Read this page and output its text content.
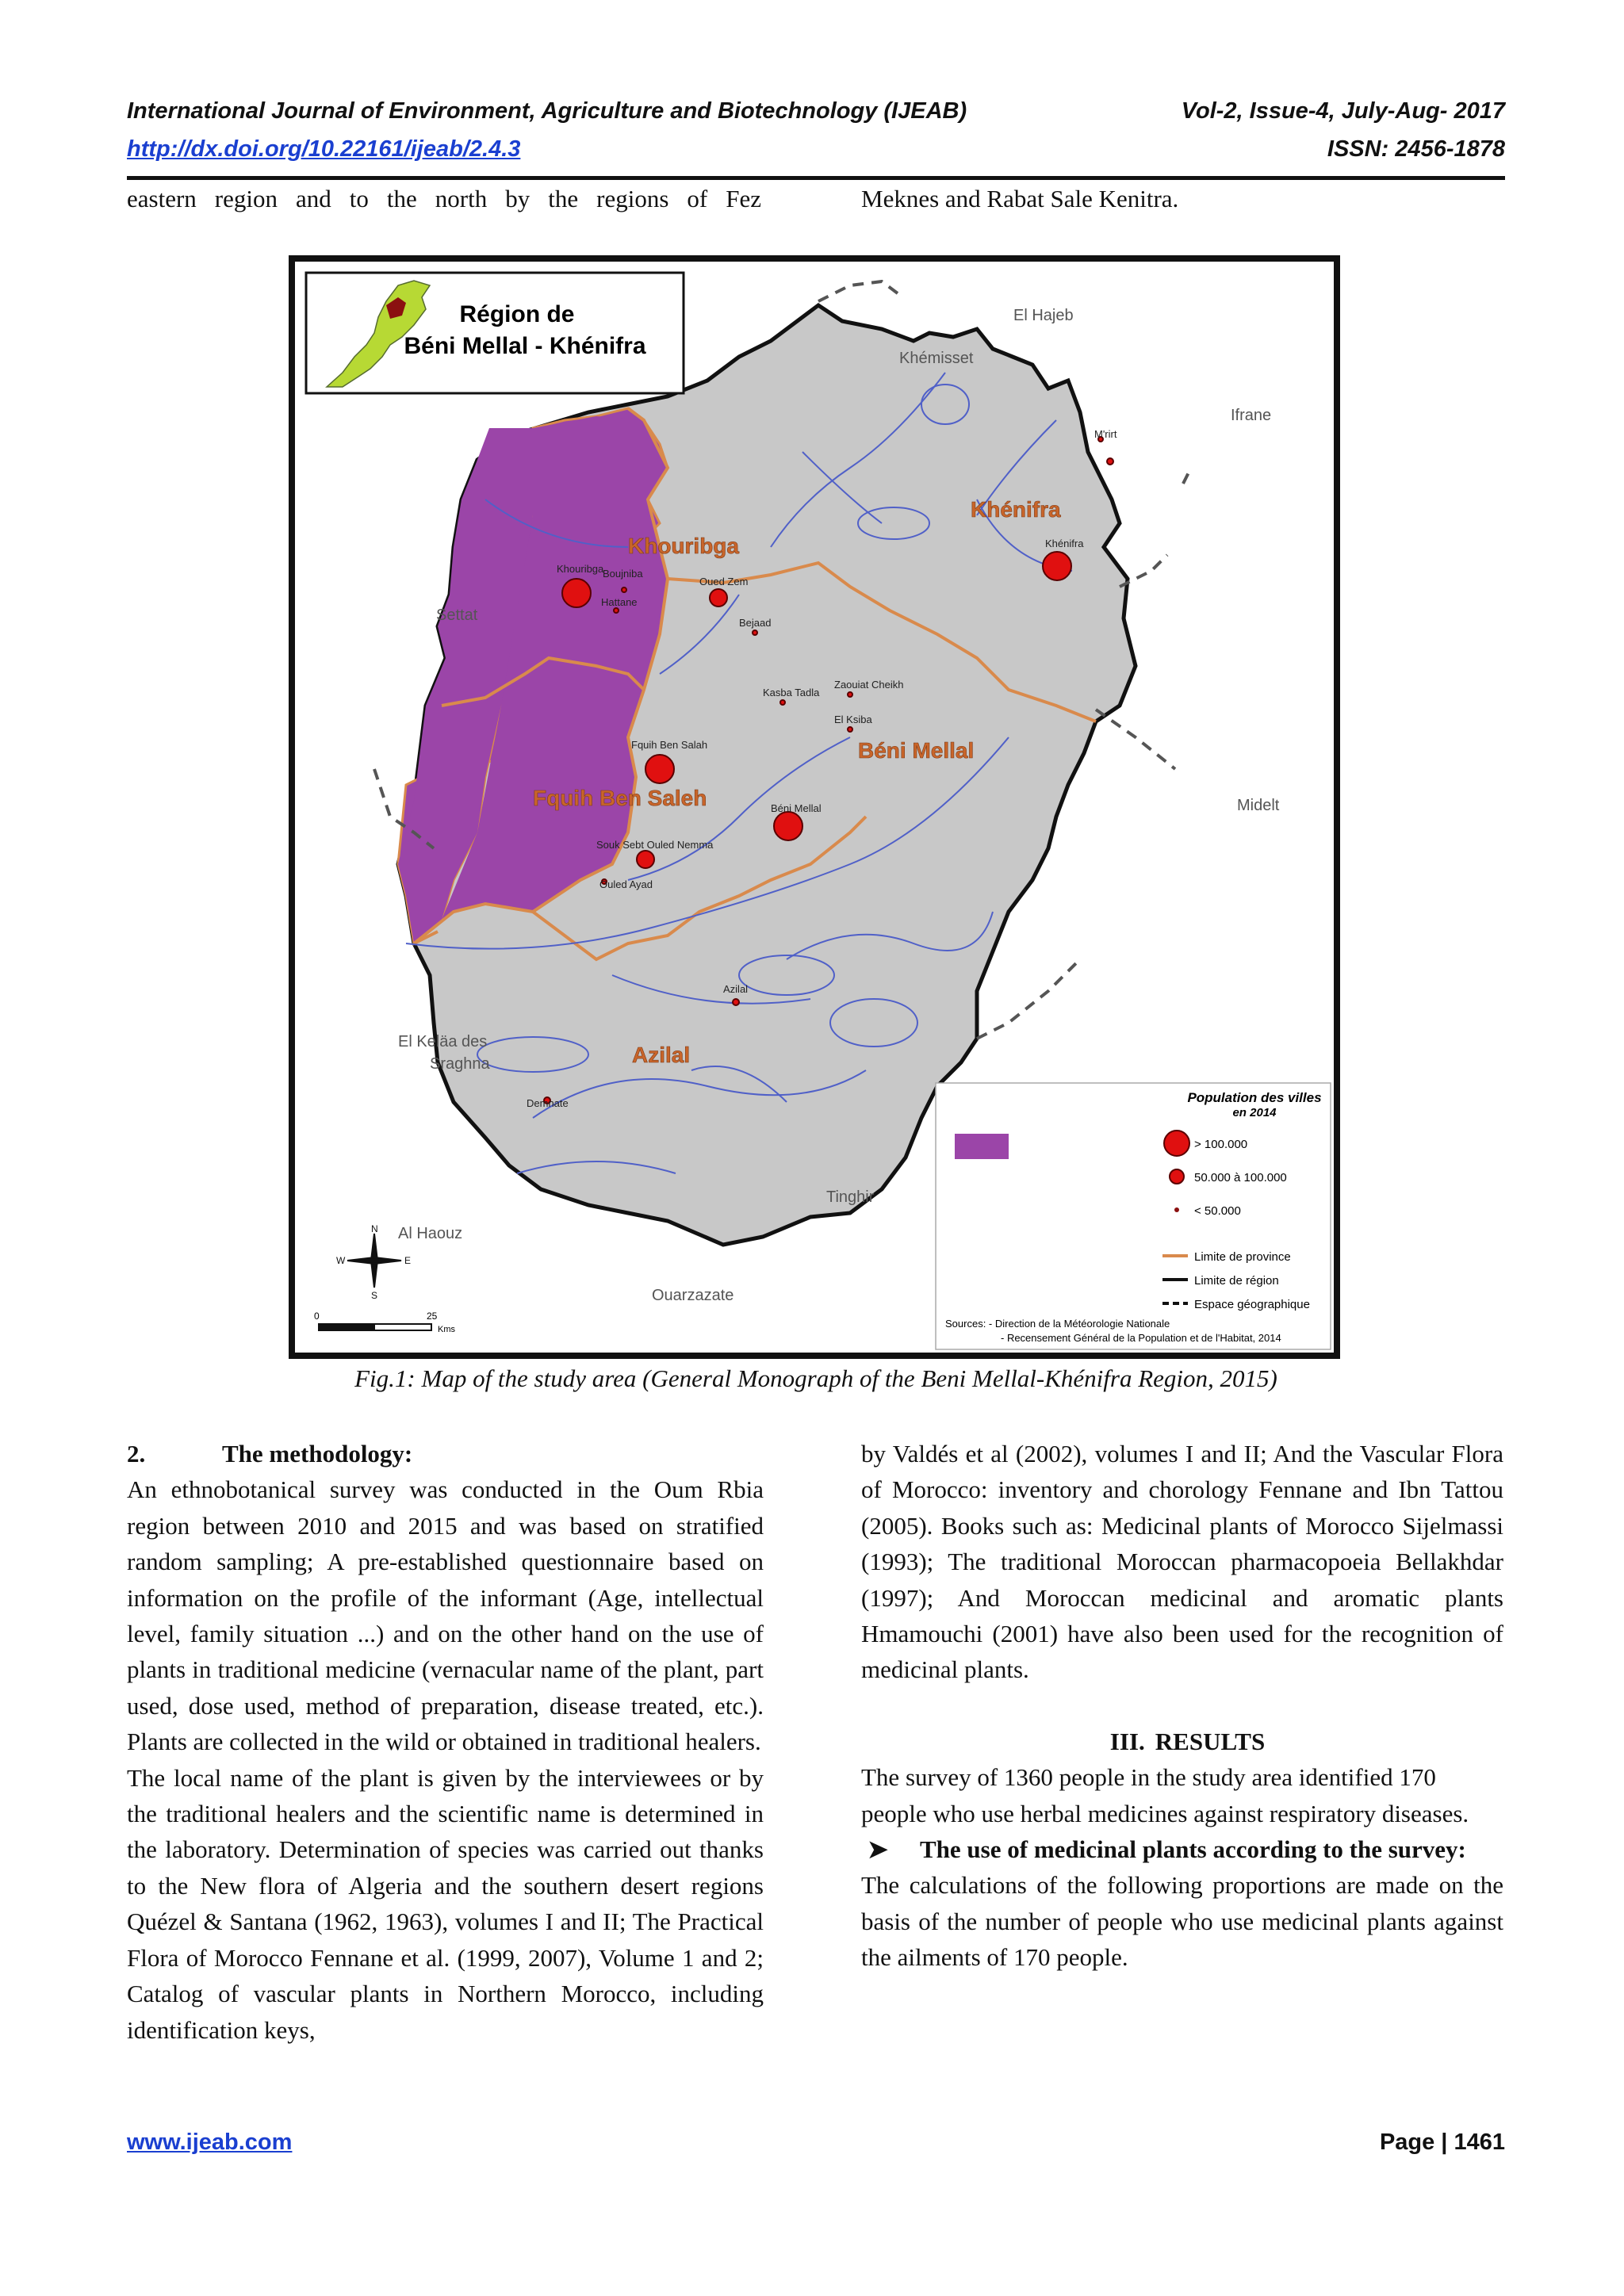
International Journal of Environment, Agriculture and Biotechnology (IJEAB)	Vol-2, Issue-4, July-Aug- 2017
http://dx.doi.org/10.22161/ijeab/2.4.3	ISSN: 2456-1878
eastern region and to the north by the regions of Fez	Meknes and Rabat Sale Kenitra.
Région de
Béni Mellal - Khénifra
Khouribga
Khénifra
Béni Mellal
Fquih Ben Saleh
Azilal
Khouribga
Boujniba
Hattane
Oued Zem
Bejaad
Kasba Tadla
El Ksiba
Zaouiat Cheikh
Fquih Ben Salah
Béni Mellal
Souk Sebt Ouled Nemma
Ouled Ayad
Khénifra
Azilal
Demnate
M'rirt
El Hajeb
Khémisset
Ifrane
Settat
Midelt
El Keläa des
Sraghna
Tinghir
Al Haouz
Ouarzazate
N
S
E
W
0	25
Kms
Population des villes
en 2014
> 100.000
50.000 à 100.000
< 50.000
Limite de province
Limite de région
Espace géographique
Sources: - Direction de la Météorologie Nationale
- Recensement Général de la Population et de l'Habitat, 2014
Fig.1: Map of the study area (General Monograph of the Beni Mellal-Khénifra Region, 2015)

2.	The methodology:

An ethnobotanical survey was conducted in the Oum Rbia region between 2010 and 2015 and was based on stratified random sampling; A pre-established questionnaire based on information on the profile of the informant (Age, intellectual level, family situation ...) and on the other hand on the use of plants in traditional medicine (vernacular name of the plant, part used, dose used, method of preparation, disease treated, etc.). Plants are collected in the wild or obtained in traditional healers.

The local name of the plant is given by the interviewees or by the traditional healers and the scientific name is determined in the laboratory. Determination of species was carried out thanks to the New flora of Algeria and the southern desert regions Quézel & Santana (1962, 1963), volumes I and II; The Practical Flora of Morocco Fennane et al. (1999, 2007), Volume 1 and 2; Catalog of vascular plants in Northern Morocco, including identification keys,

by Valdés et al (2002), volumes I and II; And the Vascular Flora of Morocco: inventory and chorology Fennane and Ibn Tattou (2005). Books such as: Medicinal plants of Morocco Sijelmassi (1993); The traditional Moroccan pharmacopoeia Bellakhdar (1997); And Moroccan medicinal and aromatic plants Hmamouchi (2001) have also been used for the recognition of medicinal plants.

III. RESULTS

The survey of 1360 people in the study area identified 170 people who use herbal medicines against respiratory diseases.

➤ The use of medicinal plants according to the survey:

The calculations of the following proportions are made on the basis of the number of people who use medicinal plants against the ailments of 170 people.

www.ijeab.com	Page | 1461
